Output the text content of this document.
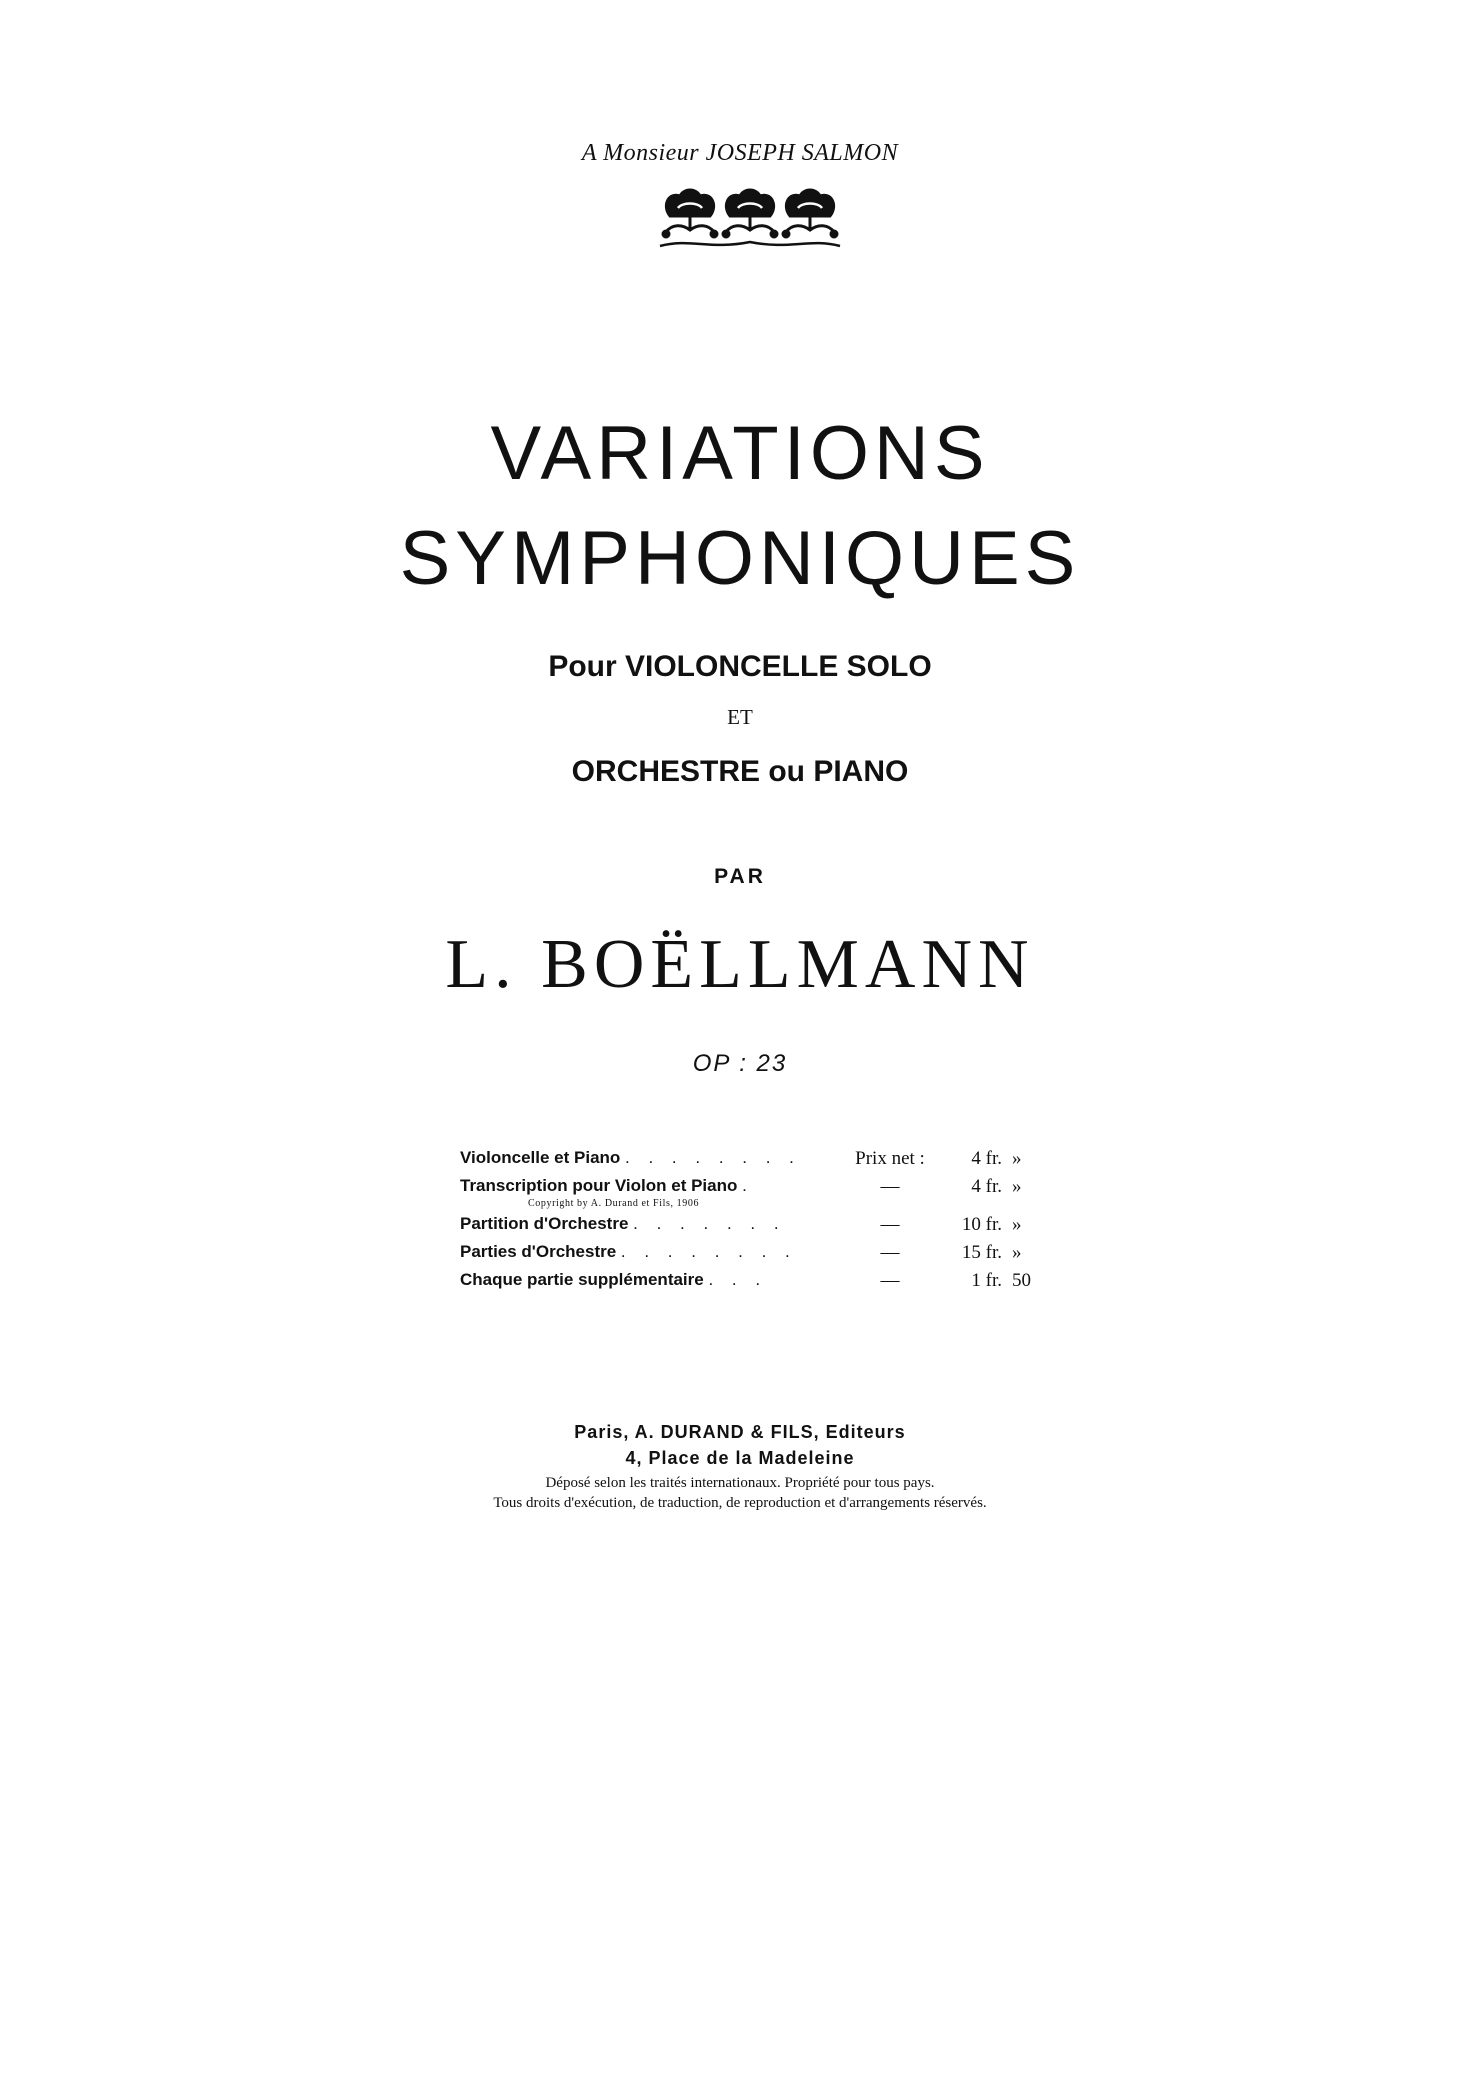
A Monsieur JOSEPH SALMON
VARIATIONS
SYMPHONIQUES
Pour VIOLONCELLE SOLO
ET
ORCHESTRE ou PIANO
PAR
L. BOËLLMANN
OP : 23
Violoncelle et Piano . . . . . . . .	Prix net :	4 fr. »
Transcription pour Violon et Piano .	—	4 fr. »
Copyright by A. Durand et Fils, 1906
Partition d'Orchestre . . . . . . .	—	10 fr. »
Parties d'Orchestre . . . . . . . .	—	15 fr. »
Chaque partie supplémentaire . . .	—	1 fr. 50
Paris, A. DURAND & FILS, Editeurs
4, Place de la Madeleine
Déposé selon les traités internationaux. Propriété pour tous pays.
Tous droits d'exécution, de traduction, de reproduction et d'arrangements réservés.
